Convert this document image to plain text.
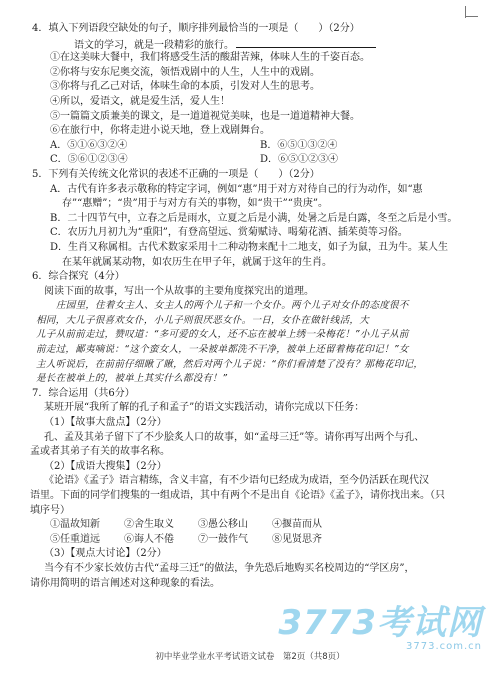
4．填入下列语段空缺处的句子，顺序排列最恰当的一项是（　　）（2分）
语文的学习，就是一段精彩的旅行。
①在这美味大餐中，我们将感受生活的酸甜苦辣，体味人生的千姿百态。
②你将与安东尼奥交流，领悟戏剧中的人生，人生中的戏剧。
③你将与孔乙己对话，体味生命的本质，引发对人生的思考。
④所以，爱语文，就是爱生活，爱人生！
⑤一篇篇文质兼美的课文，是一道道视觉美味，也是一道道精神大餐。
⑥在旅行中，你将走进小说天地，登上戏剧舞台。
A．⑤①⑥③②④	B．⑥⑤①③②④
C．⑤⑥①②③④	D．⑥⑤①②③④
5．下列有关传统文化常识的表述不正确的一项是（　　）（2分）
A．古代有许多表示敬称的特定字词，例如“惠”用于对方对待自己的行为动作，如“惠
存”“惠赠”；“贵”用于与对方有关的事物，如“贵干”“贵庚”。
B．二十四节气中，立春之后是雨水，立夏之后是小满，处暑之后是白露，冬至之后是小雪。
C．农历九月初九为“重阳”，有登高望远、赏菊赋诗、喝菊花酒、插茱萸等习俗。
D．生肖又称属相。古代术数家采用十二种动物来配十二地支，如子为鼠，丑为牛。某人生
在某年就属某动物，如农历生在甲子年，就属于这年的生肖。
6．综合探究（4分）
阅读下面的故事，写出一个从故事的主要角度探究出的道理。
庄园里，住着女主人、女主人的两个儿子和一个女仆。两个儿子对女仆的态度很不
相同，大儿子很喜欢女仆，小儿子则很厌恶女仆。一日，女仆在做针线活，大
儿子从前前走过，赞叹道：“多可爱的女人，还不忘在被单上绣一朵梅花！”小儿子从前
前走过，鄙夷嘀说：“这个蛮女人，一朵被单都洗不干净，被单上还留着梅花印记！”女
主人听说后，在前前仔细瞅了瞅，然后对两个儿子说：“你们看清楚了没有？那梅花印记，
是长在被单上的，被单上其实什么都没有！”
7．综合运用（共6分）
某班开展“我所了解的孔子和孟子”的语文实践活动，请你完成以下任务：
（1）【故事大盘点】（2分）
孔、孟及其弟子留下了不少脍炙人口的故事，如“孟母三迁”等。请你再写出两个与孔、
孟或者其弟子有关的故事名称。
（2）【成语大搜集】（2分）
《论语》《孟子》语言精练，含义丰富，有不少语句已经成为成语，至今仍活跃在现代汉
语里。下面的同学们搜集的一组成语，其中有两个不是出自《论语》《孟子》，请你找出来。（只
填序号）
①温故知新 ②舍生取义 ③愚公移山 ④揠苗而从
⑤任重道远 ⑥诲人不倦 ⑦一鼓作气 ⑧见贤思齐
（3）【观点大讨论】（2分）
当今有不少家长效仿古代“孟母三迁”的做法，争先恐后地购买名校周边的“学区房”，
请你用简明的语言阐述对这种现象的看法。
3773考试网
3773.com.cn
初中毕业学业水平考试语文试卷　第2页（共8页）
